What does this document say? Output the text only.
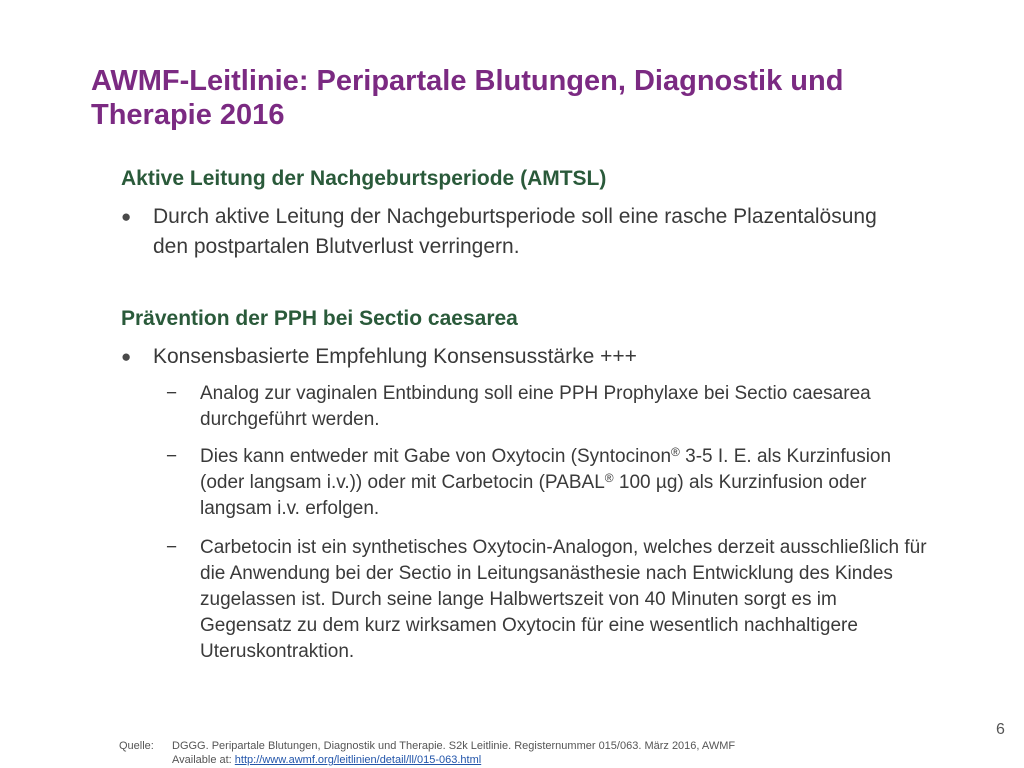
AWMF-Leitlinie: Peripartale Blutungen, Diagnostik und Therapie 2016
Aktive Leitung der Nachgeburtsperiode (AMTSL)
● Durch aktive Leitung der Nachgeburtsperiode soll eine rasche Plazentalösung den postpartalen Blutverlust verringern.
Prävention der PPH bei Sectio caesarea
● Konsensbasierte Empfehlung Konsensusstärke +++
− Analog zur vaginalen Entbindung soll eine PPH Prophylaxe bei Sectio caesarea durchgeführt werden.
− Dies kann entweder mit Gabe von Oxytocin (Syntocinon® 3-5 I. E. als Kurzinfusion (oder langsam i.v.)) oder mit Carbetocin (PABAL® 100 µg) als Kurzinfusion oder langsam i.v. erfolgen.
− Carbetocin ist ein synthetisches Oxytocin-Analogon, welches derzeit ausschließlich für die Anwendung bei der Sectio in Leitungsanästhesie nach Entwicklung des Kindes zugelassen ist. Durch seine lange Halbwertszeit von 40 Minuten sorgt es im Gegensatz zu dem kurz wirksamen Oxytocin für eine wesentlich nachhaltigere Uteruskontraktion.
6
Quelle: DGGG. Peripartale Blutungen, Diagnostik und Therapie. S2k Leitlinie. Registernummer 015/063. März 2016, AWMF
Available at: http://www.awmf.org/leitlinien/detail/ll/015-063.html
